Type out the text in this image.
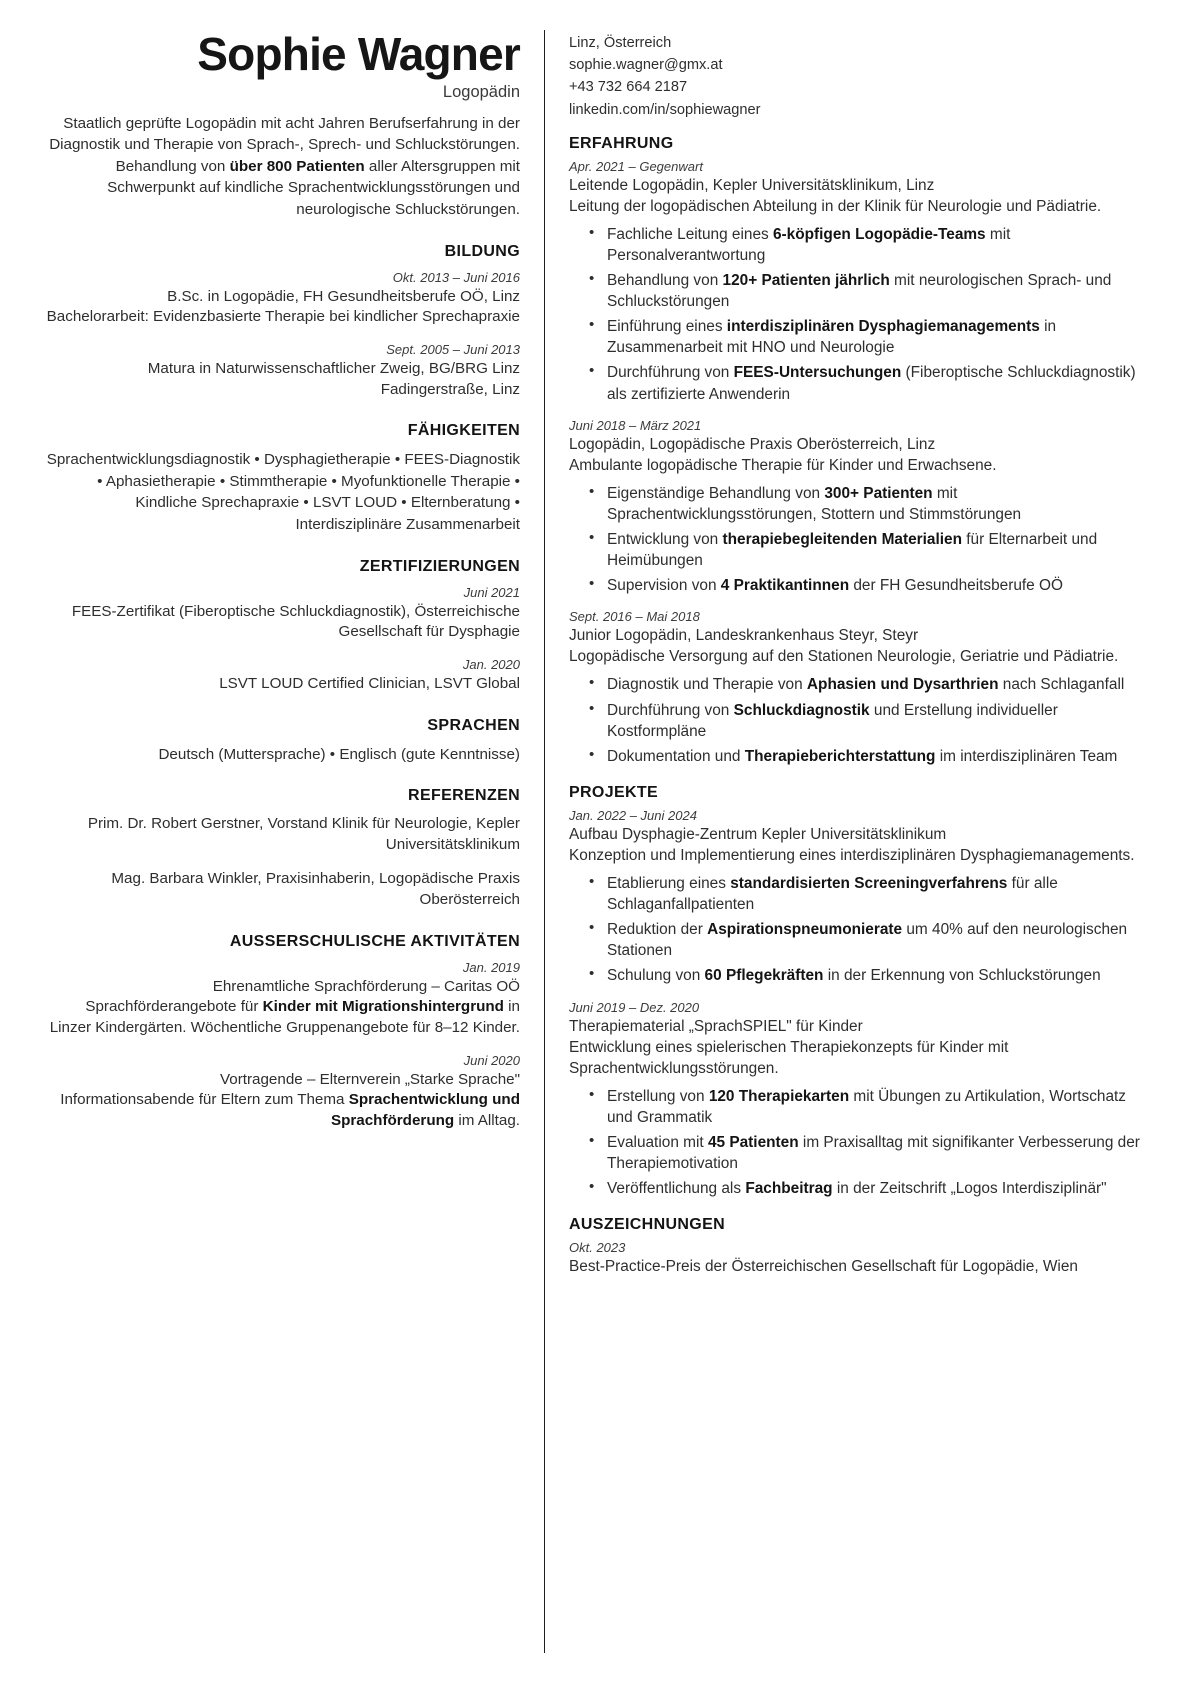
Sophie Wagner
Logopädin
Staatlich geprüfte Logopädin mit acht Jahren Berufserfahrung in der Diagnostik und Therapie von Sprach-, Sprech- und Schluckstörungen. Behandlung von über 800 Patienten aller Altersgruppen mit Schwerpunkt auf kindliche Sprachentwicklungsstörungen und neurologische Schluckstörungen.
BILDUNG
Okt. 2013 – Juni 2016
B.Sc. in Logopädie, FH Gesundheitsberufe OÖ, Linz
Bachelorarbeit: Evidenzbasierte Therapie bei kindlicher Sprechapraxie
Sept. 2005 – Juni 2013
Matura in Naturwissenschaftlicher Zweig, BG/BRG Linz Fadingerstraße, Linz
FÄHIGKEITEN
Sprachentwicklungsdiagnostik • Dysphagietherapie • FEES-Diagnostik • Aphasietherapie • Stimmtherapie • Myofunktionelle Therapie • Kindliche Sprechapraxie • LSVT LOUD • Elternberatung • Interdisziplinäre Zusammenarbeit
ZERTIFIZIERUNGEN
Juni 2021
FEES-Zertifikat (Fiberoptische Schluckdiagnostik), Österreichische Gesellschaft für Dysphagie
Jan. 2020
LSVT LOUD Certified Clinician, LSVT Global
SPRACHEN
Deutsch (Muttersprache) • Englisch (gute Kenntnisse)
REFERENZEN
Prim. Dr. Robert Gerstner, Vorstand Klinik für Neurologie, Kepler Universitätsklinikum
Mag. Barbara Winkler, Praxisinhaberin, Logopädische Praxis Oberösterreich
AUSSERSCHULISCHE AKTIVITÄTEN
Jan. 2019
Ehrenamtliche Sprachförderung – Caritas OÖ
Sprachförderangebote für Kinder mit Migrationshintergrund in Linzer Kindergärten. Wöchentliche Gruppenangebote für 8–12 Kinder.
Juni 2020
Vortragende – Elternverein „Starke Sprache"
Informationsabende für Eltern zum Thema Sprachentwicklung und Sprachförderung im Alltag.
Linz, Österreich
sophie.wagner@gmx.at
+43 732 664 2187
linkedin.com/in/sophiewagner
ERFAHRUNG
Apr. 2021 – Gegenwart
Leitende Logopädin, Kepler Universitätsklinikum, Linz
Leitung der logopädischen Abteilung in der Klinik für Neurologie und Pädiatrie.
• Fachliche Leitung eines 6-köpfigen Logopädie-Teams mit Personalverantwortung
• Behandlung von 120+ Patienten jährlich mit neurologischen Sprach- und Schluckstörungen
• Einführung eines interdisziplinären Dysphagiemanagements in Zusammenarbeit mit HNO und Neurologie
• Durchführung von FEES-Untersuchungen (Fiberoptische Schluckdiagnostik) als zertifizierte Anwenderin
Juni 2018 – März 2021
Logopädin, Logopädische Praxis Oberösterreich, Linz
Ambulante logopädische Therapie für Kinder und Erwachsene.
• Eigenständige Behandlung von 300+ Patienten mit Sprachentwicklungsstörungen, Stottern und Stimmstörungen
• Entwicklung von therapiebegleitenden Materialien für Elternarbeit und Heimübungen
• Supervision von 4 Praktikantinnen der FH Gesundheitsberufe OÖ
Sept. 2016 – Mai 2018
Junior Logopädin, Landeskrankenhaus Steyr, Steyr
Logopädische Versorgung auf den Stationen Neurologie, Geriatrie und Pädiatrie.
• Diagnostik und Therapie von Aphasien und Dysarthrien nach Schlaganfall
• Durchführung von Schluckdiagnostik und Erstellung individueller Kostformpläne
• Dokumentation und Therapieberichterstattung im interdisziplinären Team
PROJEKTE
Jan. 2022 – Juni 2024
Aufbau Dysphagie-Zentrum Kepler Universitätsklinikum
Konzeption und Implementierung eines interdisziplinären Dysphagiemanagements.
• Etablierung eines standardisierten Screeningverfahrens für alle Schlaganfallpatienten
• Reduktion der Aspirationspneumonierate um 40% auf den neurologischen Stationen
• Schulung von 60 Pflegekräften in der Erkennung von Schluckstörungen
Juni 2019 – Dez. 2020
Therapiematerial „SprachSPIEL" für Kinder
Entwicklung eines spielerischen Therapiekonzepts für Kinder mit Sprachentwicklungsstörungen.
• Erstellung von 120 Therapiekarten mit Übungen zu Artikulation, Wortschatz und Grammatik
• Evaluation mit 45 Patienten im Praxisalltag mit signifikanter Verbesserung der Therapiemotivation
• Veröffentlichung als Fachbeitrag in der Zeitschrift „Logos Interdisziplinär"
AUSZEICHNUNGEN
Okt. 2023
Best-Practice-Preis der Österreichischen Gesellschaft für Logopädie, Wien
